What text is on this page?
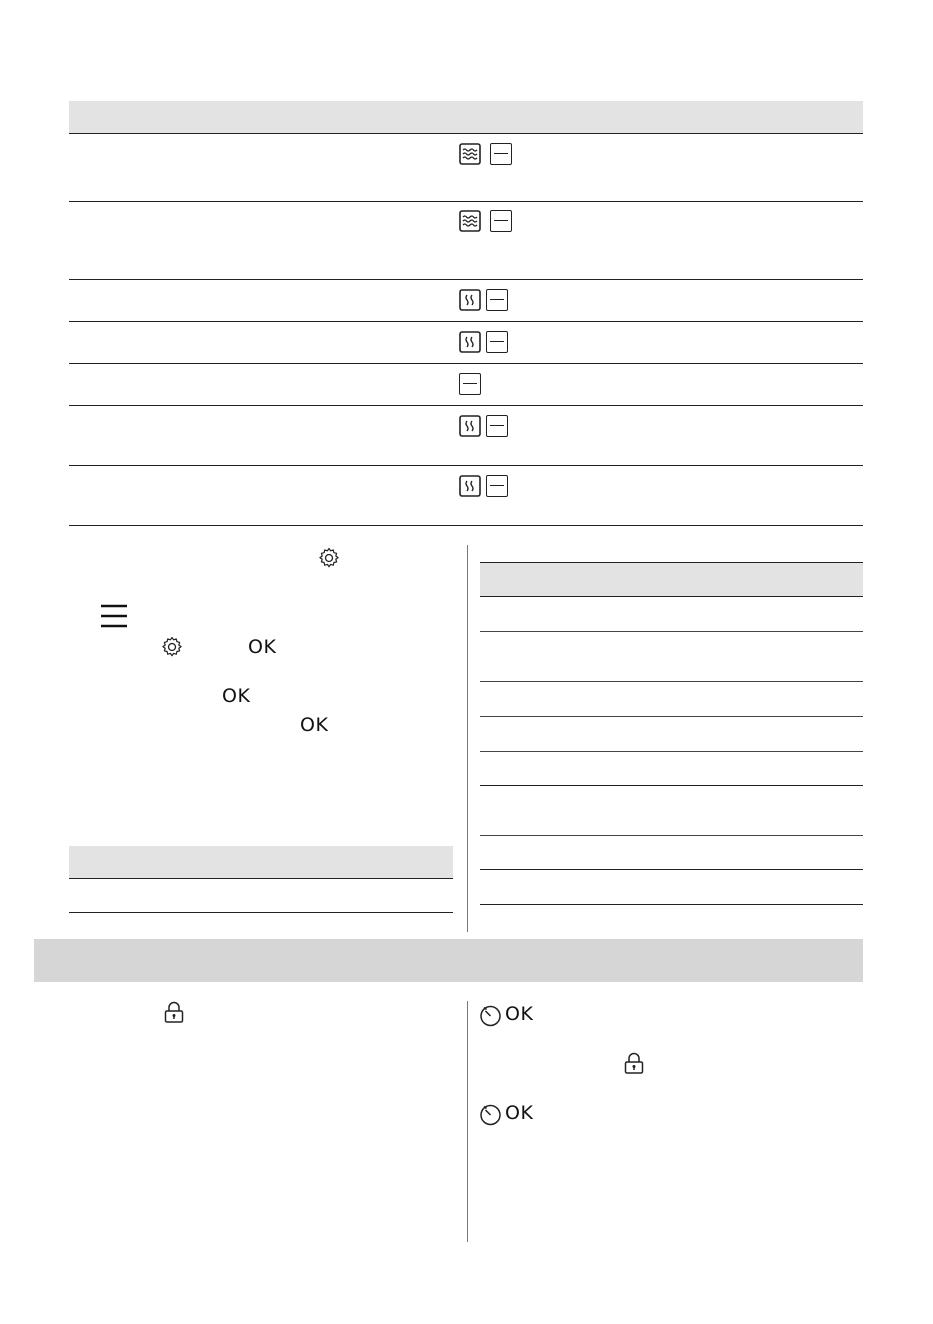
OK
OK
OK
OK
OK
